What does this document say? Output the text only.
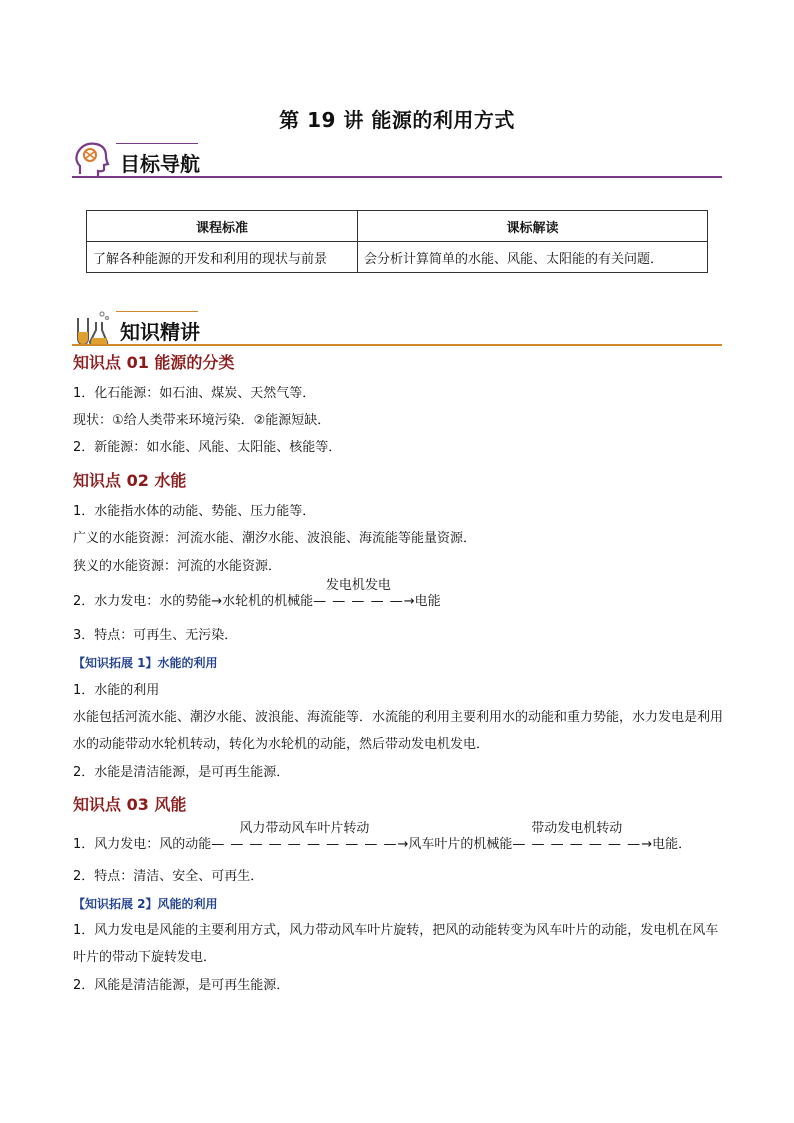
第 19 讲 能源的利用方式
目标导航
课程标准	课标解读
了解各种能源的开发和利用的现状与前景	会分析计算简单的水能、风能、太阳能的有关问题．
知识精讲
知识点 01 能源的分类
1．化石能源：如石油、煤炭、天然气等．
现状：①给人类带来环境污染．②能源短缺．
2．新能源：如水能、风能、太阳能、核能等．
知识点 02 水能
1．水能指水体的动能、势能、压力能等．
广义的水能资源：河流水能、潮汐水能、波浪能、海流能等能量资源．
狭义的水能资源：河流的水能资源．
2．水力发电：水的势能→水轮机的机械能
发电机发电
— — — — —→电能
3．特点：可再生、无污染．
【知识拓展 1】水能的利用
1．水能的利用
水能包括河流水能、潮汐水能、波浪能、海流能等．水流能的利用主要利用水的动能和重力势能，水力发电是利用水的动能带动水轮机转动，转化为水轮机的动能，然后带动发电机发电．
2．水能是清洁能源，是可再生能源．
知识点 03 风能
1．风力发电：风的动能
风力带动风车叶片转动
— — — — — — — — — —→风车叶片的机械能
带动发电机转动
— — — — — — —→电能．
2．特点：清洁、安全、可再生．
【知识拓展 2】风能的利用
1．风力发电是风能的主要利用方式，风力带动风车叶片旋转，把风的动能转变为风车叶片的动能，发电机在风车叶片的带动下旋转发电．
2．风能是清洁能源，是可再生能源．
